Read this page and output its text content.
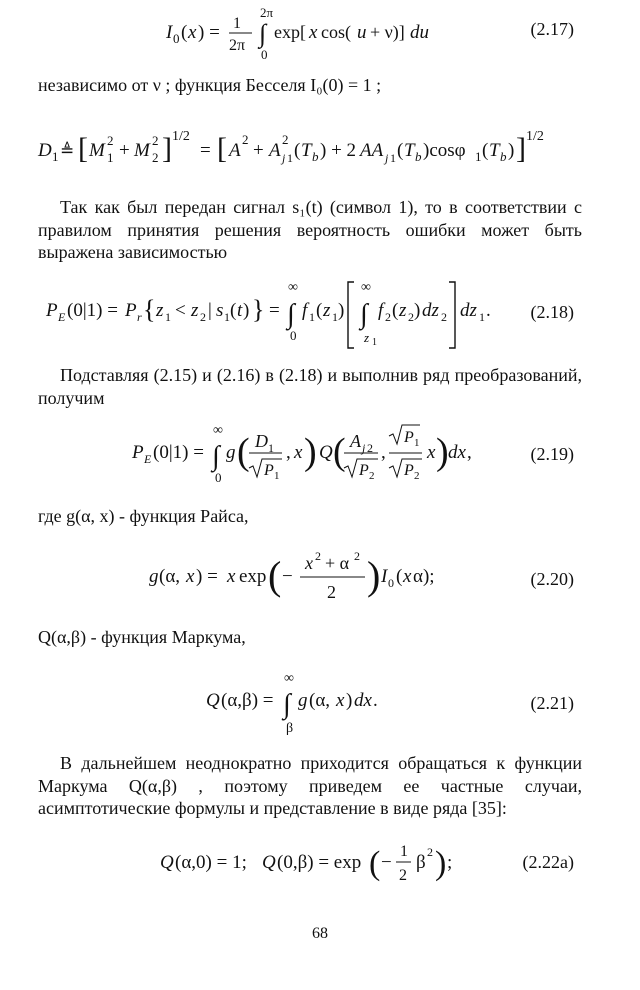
I 0 ( x ) = 1
2π
2π
∫
0
exp[ x cos( u + ν)] du	(2.17)
независимо от ν ; функция Бесселя I₀(0) = 1 ;
D 1 ≜ [ M 2
1 + M 2
2 ] 1/2
= [ A
2
+ A
2
j 1 ( T b ) + 2 AA j 1 ( T b )cosφ 1 ( T b ) ] 1/2
Так как был передан сигнал s₁(t) (символ 1), то в соответствии с правилом принятия решения вероятность ошибки может быть выражена зависимостью
P E (0|1) = P r { z 1 < z 2 | s 1 ( t ) } =
∞
∫
0
f 1 ( z 1 )
∞
∫
z 1
f 2 ( z 2 ) dz 2 dz 1 . (2.18)
Подставляя (2.15) и (2.16) в (2.18) и выполнив ряд преобразований, получим
P E (0|1) =
∞
∫
0
g ( D 1
P 1
, x ) Q ( A j 2
P 2
,
P 1
P 2
x ) dx ,	(2.19)
где g(α, x) - функция Райса,
g (α, x ) = x exp ( −
x 2 + α 2
2 ) I 0 ( x α);	(2.20)
Q(α,β) - функция Маркума,
Q (α,β) =
∞
∫
β
g (α, x ) dx .	(2.21)
В дальнейшем неоднократно приходится обращаться к функции Маркума Q(α,β) , поэтому приведем ее частные случаи, асимптотические формулы и представление в виде ряда [35]:
Q (α,0) = 1; Q (0,β) = exp ( −
1
2
β 2 ) ;	(2.22a)
68
